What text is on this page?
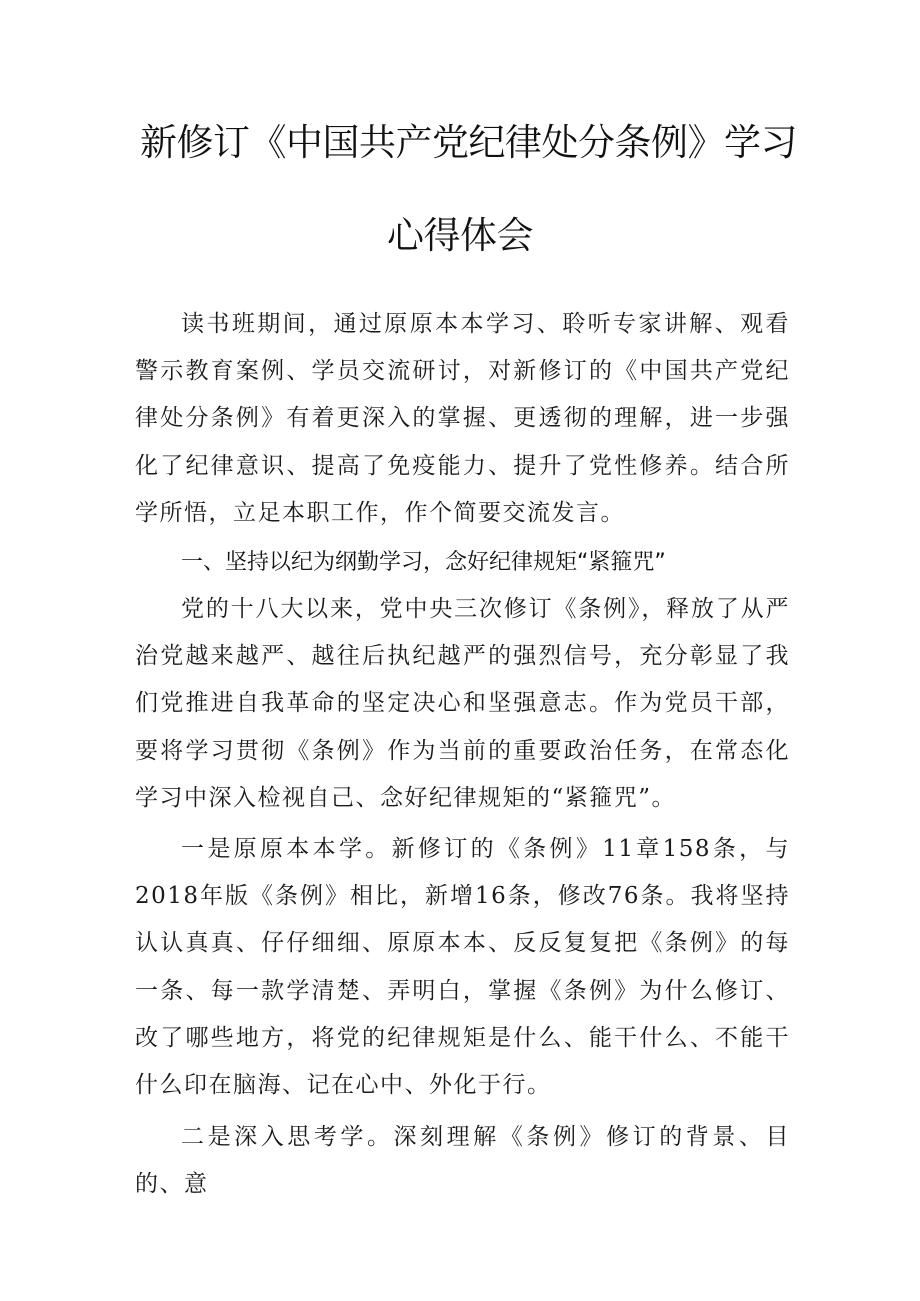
新修订《中国共产党纪律处分条例》学习
心得体会

读书班期间，通过原原本本学习、聆听专家讲解、观看警示教育案例、学员交流研讨，对新修订的《中国共产党纪律处分条例》有着更深入的掌握、更透彻的理解，进一步强化了纪律意识、提高了免疫能力、提升了党性修养。结合所学所悟，立足本职工作，作个简要交流发言。

一、坚持以纪为纲勤学习，念好纪律规矩“紧箍咒”

党的十八大以来，党中央三次修订《条例》，释放了从严治党越来越严、越往后执纪越严的强烈信号，充分彰显了我们党推进自我革命的坚定决心和坚强意志。作为党员干部，要将学习贯彻《条例》作为当前的重要政治任务，在常态化学习中深入检视自己、念好纪律规矩的“紧箍咒”。

一是原原本本学。新修订的《条例》11章158条，与2018年版《条例》相比，新增16条，修改76条。我将坚持认认真真、仔仔细细、原原本本、反反复复把《条例》的每一条、每一款学清楚、弄明白，掌握《条例》为什么修订、改了哪些地方，将党的纪律规矩是什么、能干什么、不能干什么印在脑海、记在心中、外化于行。

二是深入思考学。深刻理解《条例》修订的背景、目的、意
